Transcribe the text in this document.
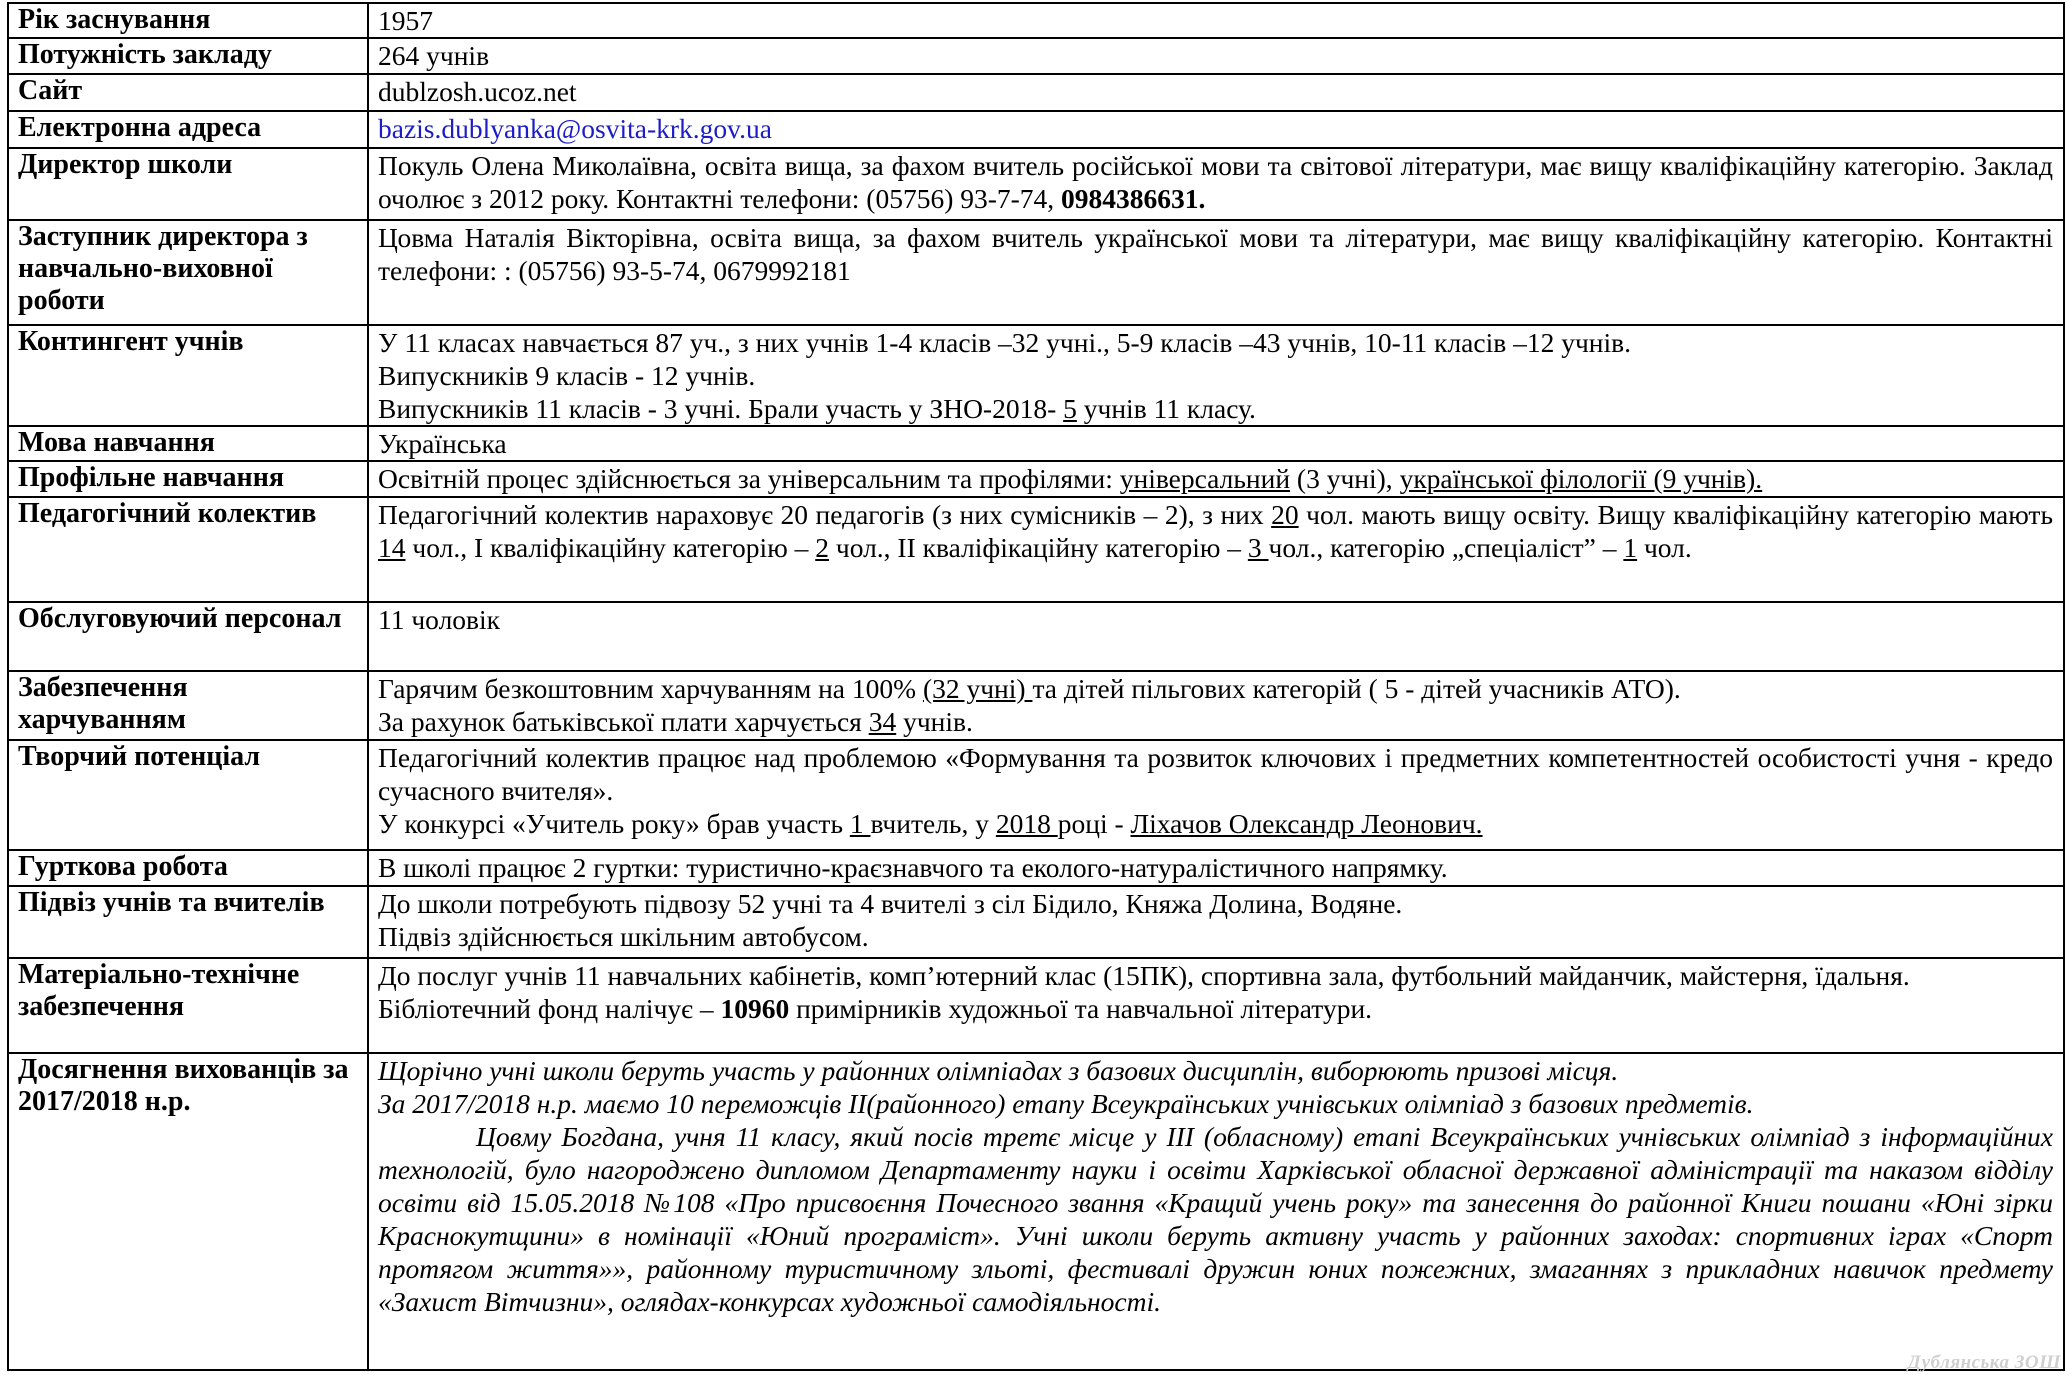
Рік заснування	1957

Потужність закладу	264 учнів

Сайт	dublzosh.ucoz.net

Електронна адреса	bazis.dublyanka@osvita-krk.gov.ua

Директор школи	Покуль Олена Миколаївна, освіта вища, за фахом вчитель російської мови та світової літератури, має вищу кваліфікаційну категорію. Заклад очолює з 2012 року. Контактні телефони: (05756) 93-7-74, 0984386631.

Заступник директора з навчально-виховної роботи	Цовма Наталія Вікторівна, освіта вища, за фахом вчитель української мови та літератури, має вищу кваліфікаційну категорію. Контактні телефони: : (05756) 93-5-74, 0679992181

Контингент учнів	У 11 класах навчається 87 уч., з них учнів 1-4 класів –32 учні., 5-9 класів –43 учнів, 10-11 класів –12 учнів.
Випускників 9 класів - 12 учнів.
Випускників 11 класів - 3 учні. Брали участь у ЗНО-2018- 5 учнів 11 класу.

Мова навчання	Українська

Профільне навчання	Освітній процес здійснюється за універсальним та профілями: універсальний (3 учні), української філології (9 учнів).

Педагогічний колектив	Педагогічний колектив нараховує 20 педагогів (з них сумісників – 2), з них 20 чол. мають вищу освіту. Вищу кваліфікаційну категорію мають 14 чол., І кваліфікаційну категорію – 2 чол., ІІ кваліфікаційну категорію – 3 чол., категорію „спеціаліст” – 1 чол.

Обслуговуючий персонал	11 чоловік

Забезпечення харчуванням	Гарячим безкоштовним харчуванням на 100% (32 учні) та дітей пільгових категорій ( 5 - дітей учасників АТО).
За рахунок батьківської плати харчується 34 учнів.

Творчий потенціал	Педагогічний колектив працює над проблемою «Формування та розвиток ключових і предметних компетентностей особистості учня - кредо сучасного вчителя».
У конкурсі «Учитель року» брав участь 1 вчитель, у 2018 році - Ліхачов Олександр Леонович.

Гурткова робота	В школі працює 2 гуртки: туристично-краєзнавчого та еколого-натуралістичного напрямку.

Підвіз учнів та вчителів	До школи потребують підвозу 52 учні та 4 вчителі з сіл Бідило, Княжа Долина, Водяне.
Підвіз здійснюється шкільним автобусом.

Матеріально-технічне забезпечення	До послуг учнів 11 навчальних кабінетів, комп’ютерний клас (15ПК), спортивна зала, футбольний майданчик, майстерня, їдальня.
Бібліотечний фонд налічує – 10960 примірників художньої та навчальної літератури.

Досягнення вихованців за 2017/2018 н.р.	Щорічно учні школи беруть участь у районних олімпіадах з базових дисциплін, виборюють призові місця.
За 2017/2018 н.р. маємо 10 переможців ІІ(районного) етапу Всеукраїнських учнівських олімпіад з базових предметів.
Цовму Богдана, учня 11 класу, який посів третє місце у ІІІ (обласному) етапі Всеукраїнських учнівських олімпіад з інформаційних технологій, було нагороджено дипломом Департаменту науки і освіти Харківської обласної державної адміністрації та наказом відділу освіти від 15.05.2018 №108 «Про присвоєння Почесного звання «Кращий учень року» та занесення до районної Книги пошани «Юні зірки Краснокутщини» в номінації «Юний програміст». Учні школи беруть активну участь у районних заходах: спортивних іграх «Спорт протягом життя»», районному туристичному зльоті, фестивалі дружин юних пожежних, змаганнях з прикладних навичок предмету «Захист Вітчизни», оглядах-конкурсах художньої самодіяльності.
Дублянська ЗОШ
